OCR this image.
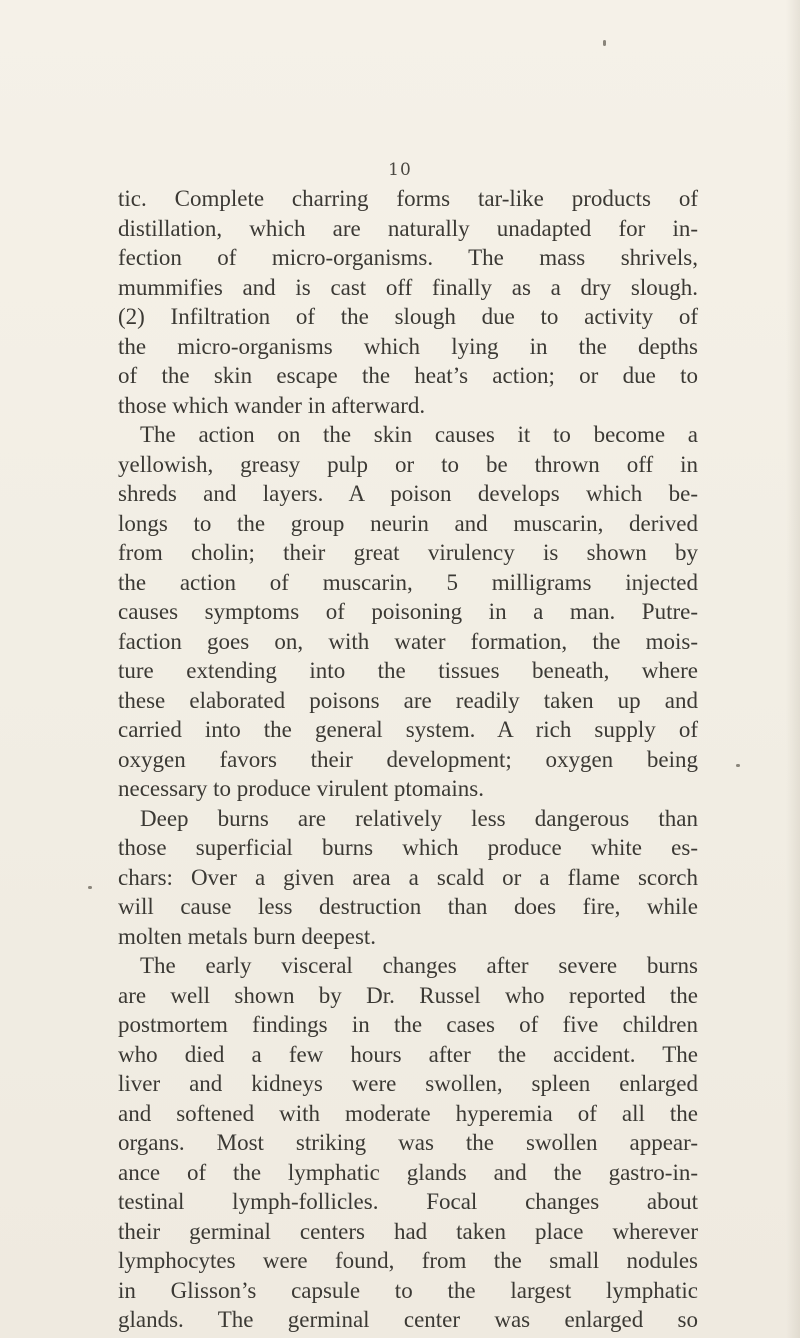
10
tic. Complete charring forms tar-like products of
distillation, which are naturally unadapted for in-
fection of micro-organisms. The mass shrivels,
mummifies and is cast off finally as a dry slough.
(2) Infiltration of the slough due to activity of
the micro-organisms which lying in the depths
of the skin escape the heat’s action; or due to
those which wander in afterward.
The action on the skin causes it to become a
yellowish, greasy pulp or to be thrown off in
shreds and layers. A poison develops which be-
longs to the group neurin and muscarin, derived
from cholin; their great virulency is shown by
the action of muscarin, 5 milligrams injected
causes symptoms of poisoning in a man. Putre-
faction goes on, with water formation, the mois-
ture extending into the tissues beneath, where
these elaborated poisons are readily taken up and
carried into the general system. A rich supply of
oxygen favors their development; oxygen being
necessary to produce virulent ptomains.
Deep burns are relatively less dangerous than
those superficial burns which produce white es-
chars: Over a given area a scald or a flame scorch
will cause less destruction than does fire, while
molten metals burn deepest.
The early visceral changes after severe burns
are well shown by Dr. Russel who reported the
postmortem findings in the cases of five children
who died a few hours after the accident. The
liver and kidneys were swollen, spleen enlarged
and softened with moderate hyperemia of all the
organs. Most striking was the swollen appear-
ance of the lymphatic glands and the gastro-in-
testinal lymph-follicles. Focal changes about
their germinal centers had taken place wherever
lymphocytes were found, from the small nodules
in Glisson’s capsule to the largest lymphatic
glands. The germinal center was enlarged so
